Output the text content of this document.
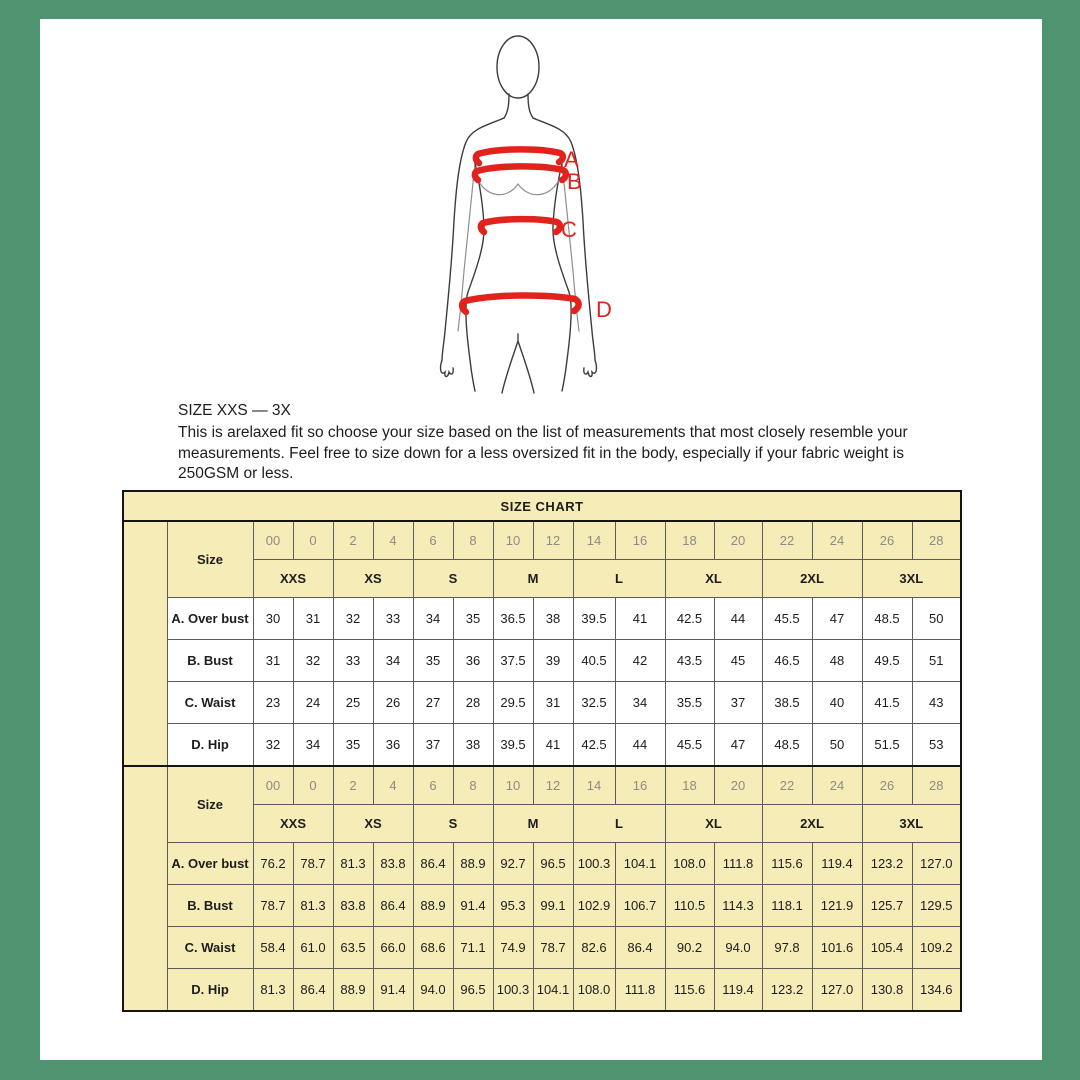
A
B
C
D
SIZE XXS — 3X
This is arelaxed fit so choose your size based on the list of measurements that most closely resemble your measurements. Feel free to size down for a less oversized fit in the body, especially if your fabric weight is 250GSM or less.
SIZE CHART																	
	Size	00	0	2	4	6	8	10	12	14	16	18	20	22	24	26	28
		XXS		XS		S		M		L		XL		2XL		3XL	
	A. Over bust	30	31	32	33	34	35	36.5	38	39.5	41	42.5	44	45.5	47	48.5	50
	B. Bust	31	32	33	34	35	36	37.5	39	40.5	42	43.5	45	46.5	48	49.5	51
	C. Waist	23	24	25	26	27	28	29.5	31	32.5	34	35.5	37	38.5	40	41.5	43
	D. Hip	32	34	35	36	37	38	39.5	41	42.5	44	45.5	47	48.5	50	51.5	53
	Size	00	0	2	4	6	8	10	12	14	16	18	20	22	24	26	28
		XXS		XS		S		M		L		XL		2XL		3XL	
	A. Over bust	76.2	78.7	81.3	83.8	86.4	88.9	92.7	96.5	100.3	104.1	108.0	111.8	115.6	119.4	123.2	127.0
	B. Bust	78.7	81.3	83.8	86.4	88.9	91.4	95.3	99.1	102.9	106.7	110.5	114.3	118.1	121.9	125.7	129.5
	C. Waist	58.4	61.0	63.5	66.0	68.6	71.1	74.9	78.7	82.6	86.4	90.2	94.0	97.8	101.6	105.4	109.2
	D. Hip	81.3	86.4	88.9	91.4	94.0	96.5	100.3	104.1	108.0	111.8	115.6	119.4	123.2	127.0	130.8	134.6
